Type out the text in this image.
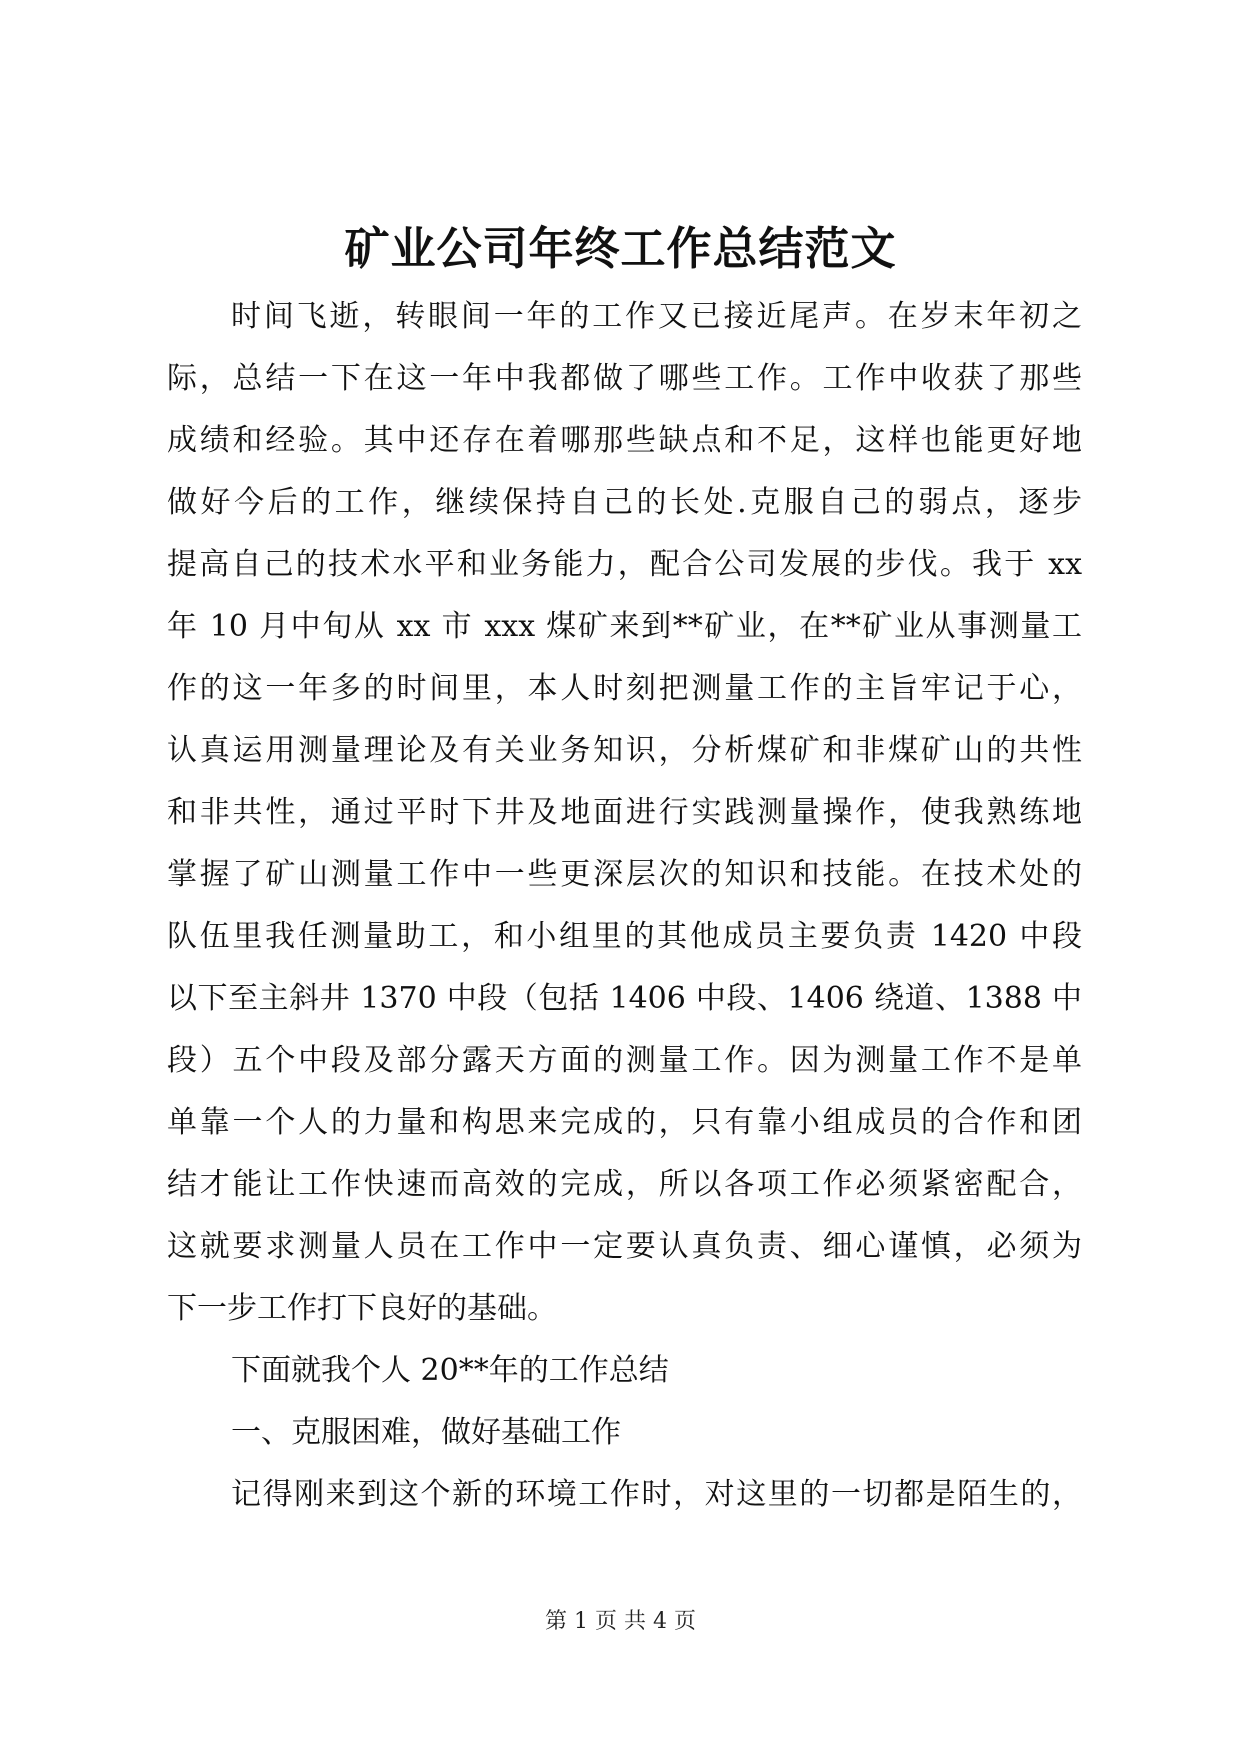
矿业公司年终工作总结范文
时间飞逝，转眼间一年的工作又已接近尾声。在岁末年初之
际，总结一下在这一年中我都做了哪些工作。工作中收获了那些
成绩和经验。其中还存在着哪那些缺点和不足，这样也能更好地
做好今后的工作，继续保持自己的长处.克服自己的弱点，逐步
提高自己的技术水平和业务能力，配合公司发展的步伐。我于 xx
年 10 月中旬从 xx 市 xxx 煤矿来到**矿业，在**矿业从事测量工
作的这一年多的时间里，本人时刻把测量工作的主旨牢记于心，
认真运用测量理论及有关业务知识，分析煤矿和非煤矿山的共性
和非共性，通过平时下井及地面进行实践测量操作，使我熟练地
掌握了矿山测量工作中一些更深层次的知识和技能。在技术处的
队伍里我任测量助工，和小组里的其他成员主要负责 1420 中段
以下至主斜井 1370 中段（包括 1406 中段、1406 绕道、1388 中
段）五个中段及部分露天方面的测量工作。因为测量工作不是单
单靠一个人的力量和构思来完成的，只有靠小组成员的合作和团
结才能让工作快速而高效的完成，所以各项工作必须紧密配合，
这就要求测量人员在工作中一定要认真负责、细心谨慎，必须为
下一步工作打下良好的基础。
下面就我个人 20**年的工作总结
一、克服困难，做好基础工作
记得刚来到这个新的环境工作时，对这里的一切都是陌生的，
第 1 页 共 4 页
